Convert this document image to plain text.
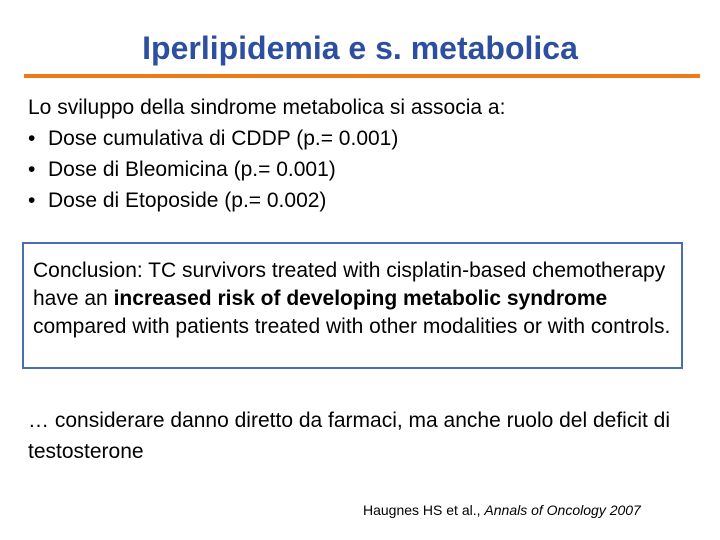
Iperlipidemia e s. metabolica
Lo sviluppo della sindrome metabolica si associa a:
• Dose cumulativa di CDDP (p.= 0.001)
• Dose di Bleomicina (p.= 0.001)
• Dose di Etoposide (p.= 0.002)
Conclusion: TC survivors treated with cisplatin-based chemotherapy have an increased risk of developing metabolic syndrome compared with patients treated with other modalities or with controls.
… considerare danno diretto da farmaci, ma anche ruolo del deficit di testosterone
Haugnes HS et al., Annals of Oncology 2007
